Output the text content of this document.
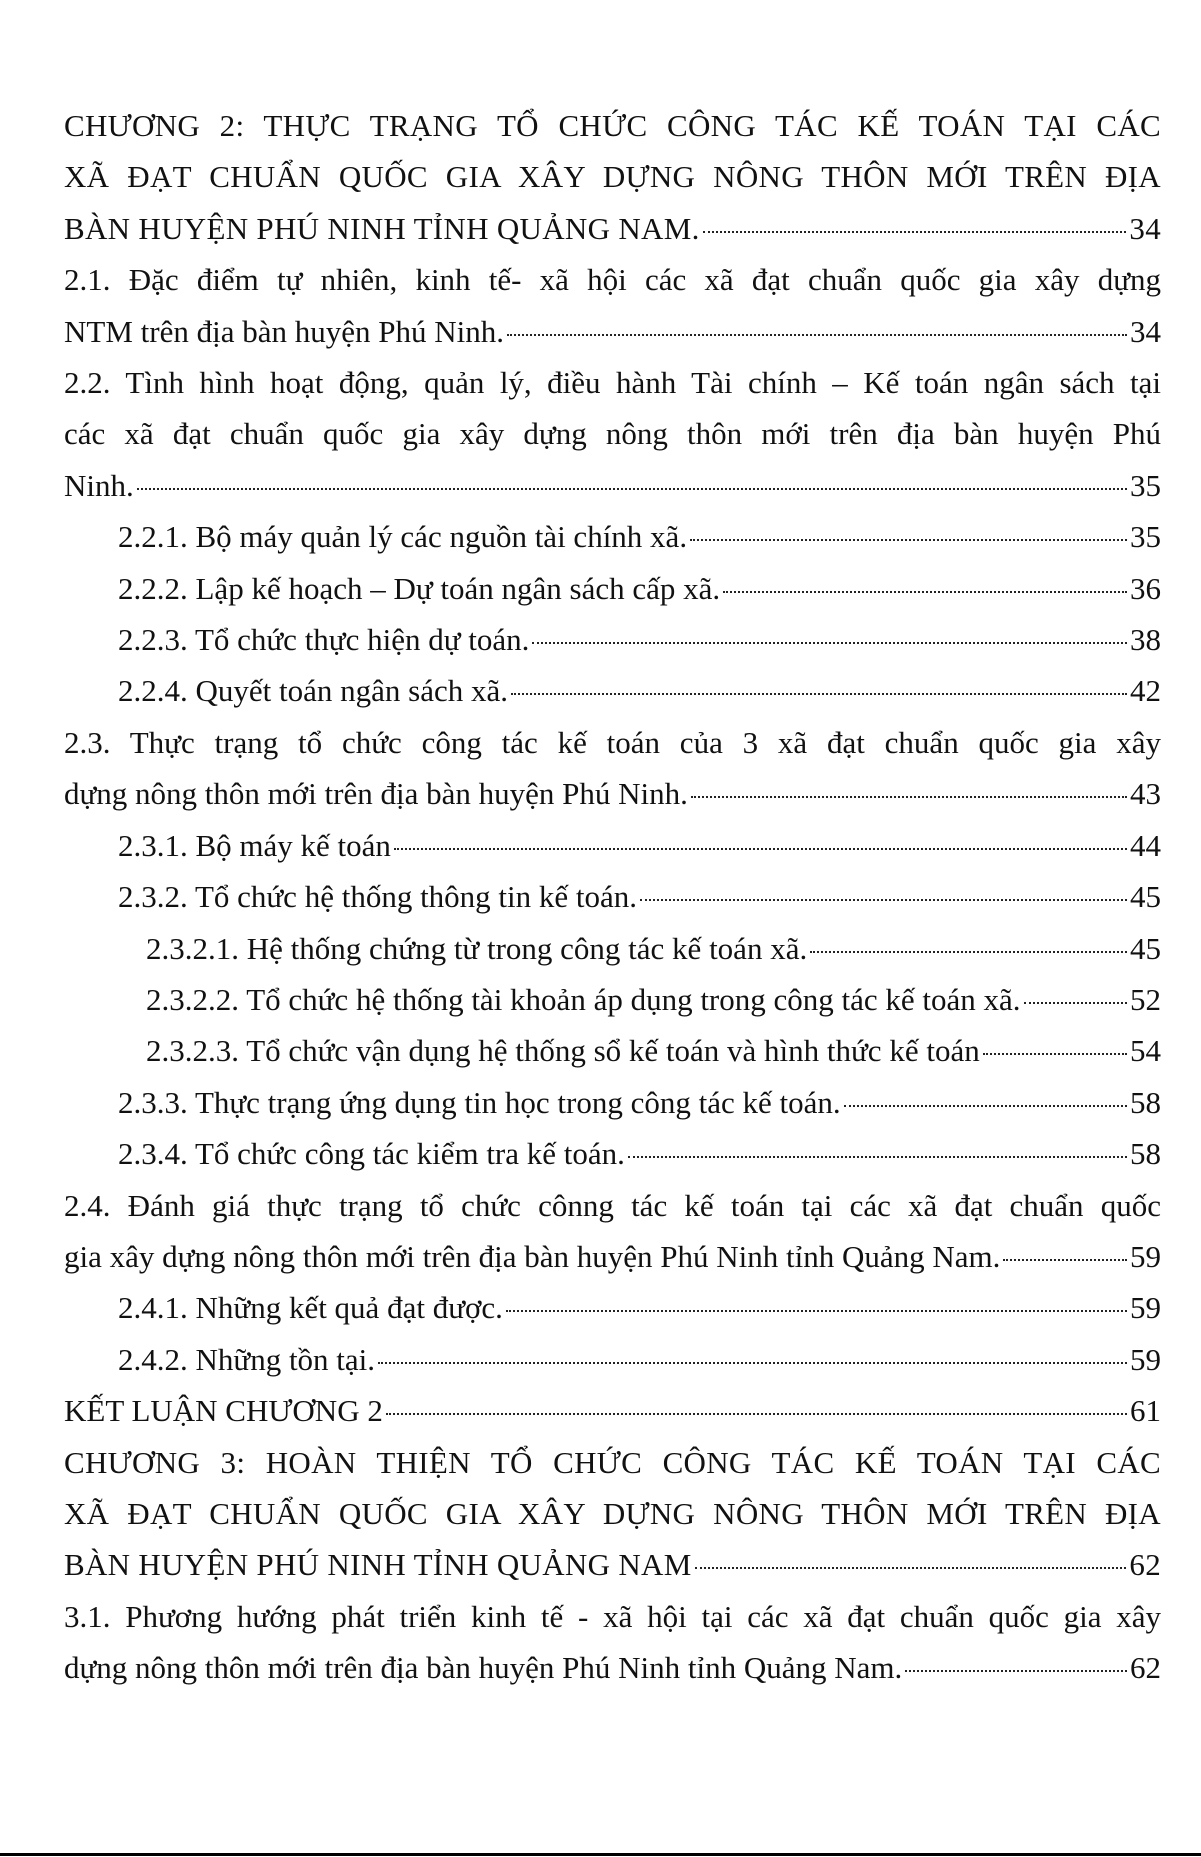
CHƯƠNG 2: THỰC TRẠNG TỔ CHỨC CÔNG TÁC KẾ TOÁN TẠI CÁC
XÃ ĐẠT CHUẨN QUỐC GIA XÂY DỰNG NÔNG THÔN MỚI TRÊN ĐỊA
BÀN HUYỆN PHÚ NINH TỈNH QUẢNG NAM.	34
2.1. Đặc điểm tự nhiên, kinh tế- xã hội các xã đạt chuẩn quốc gia xây dựng
NTM trên địa bàn huyện Phú Ninh.	34
2.2. Tình hình hoạt động, quản lý, điều hành Tài chính – Kế toán ngân sách tại
các xã đạt chuẩn quốc gia xây dựng nông thôn mới trên địa bàn huyện Phú
Ninh.	35
2.2.1. Bộ máy quản lý các nguồn tài chính xã.	35
2.2.2. Lập kế hoạch – Dự toán ngân sách cấp xã.	36
2.2.3. Tổ chức thực hiện dự toán.	38
2.2.4. Quyết toán ngân sách xã.	42
2.3. Thực trạng tổ chức công tác kế toán của 3 xã đạt chuẩn quốc gia xây
dựng nông thôn mới trên địa bàn huyện Phú Ninh.	43
2.3.1. Bộ máy kế toán	44
2.3.2. Tổ chức hệ thống thông tin kế toán.	45
2.3.2.1. Hệ thống chứng từ trong công tác kế toán xã.	45
2.3.2.2. Tổ chức hệ thống tài khoản áp dụng trong công tác kế toán xã.	52
2.3.2.3. Tổ chức vận dụng hệ thống sổ kế toán và hình thức kế toán	54
2.3.3. Thực trạng ứng dụng tin học trong công tác kế toán.	58
2.3.4. Tổ chức công tác kiểm tra kế toán.	58
2.4. Đánh giá thực trạng tổ chức cônng tác kế toán tại các xã đạt chuẩn quốc
gia xây dựng nông thôn mới trên địa bàn huyện Phú Ninh tỉnh Quảng Nam.	59
2.4.1. Những kết quả đạt được.	59
2.4.2. Những tồn tại.	59
KẾT LUẬN CHƯƠNG 2	61
CHƯƠNG 3: HOÀN THIỆN TỔ CHỨC CÔNG TÁC KẾ TOÁN TẠI CÁC
XÃ ĐẠT CHUẨN QUỐC GIA XÂY DỰNG NÔNG THÔN MỚI TRÊN ĐỊA
BÀN HUYỆN PHÚ NINH TỈNH QUẢNG NAM	62
3.1. Phương hướng phát triển kinh tế - xã hội tại các xã đạt chuẩn quốc gia xây
dựng nông thôn mới trên địa bàn huyện Phú Ninh tỉnh Quảng Nam.	62
